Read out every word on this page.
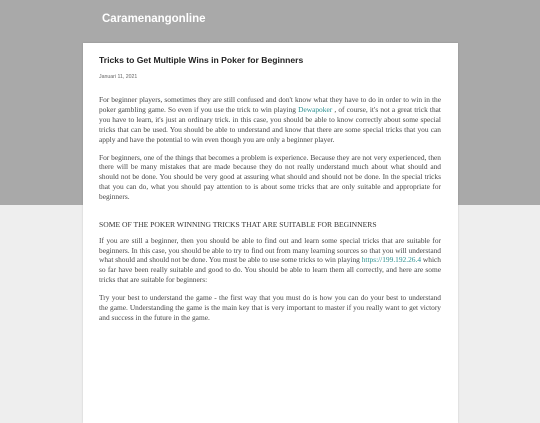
Caramenangonline
Tricks to Get Multiple Wins in Poker for Beginners
Januari 11, 2021

For beginner players, sometimes they are still confused and don't know what they have to do in order to win in the poker gambling game. So even if you use the trick to win playing Dewapoker , of course, it's not a great trick that you have to learn, it's just an ordinary trick. in this case, you should be able to know correctly about some special tricks that can be used. You should be able to understand and know that there are some special tricks that you can apply and have the potential to win even though you are only a beginner player.

For beginners, one of the things that becomes a problem is experience. Because they are not very experienced, then there will be many mistakes that are made because they do not really understand much about what should and should not be done. You should be very good at assuring what should and should not be done. In the special tricks that you can do, what you should pay attention to is about some tricks that are only suitable and appropriate for beginners.

SOME OF THE POKER WINNING TRICKS THAT ARE SUITABLE FOR BEGINNERS

If you are still a beginner, then you should be able to find out and learn some special tricks that are suitable for beginners. In this case, you should be able to try to find out from many learning sources so that you will understand what should and should not be done. You must be able to use some tricks to win playing https://199.192.26.4 which so far have been really suitable and good to do. You should be able to learn them all correctly, and here are some tricks that are suitable for beginners:

Try your best to understand the game - the first way that you must do is how you can do your best to understand the game. Understanding the game is the main key that is very important to master if you really want to get victory and success in the future in the game.
